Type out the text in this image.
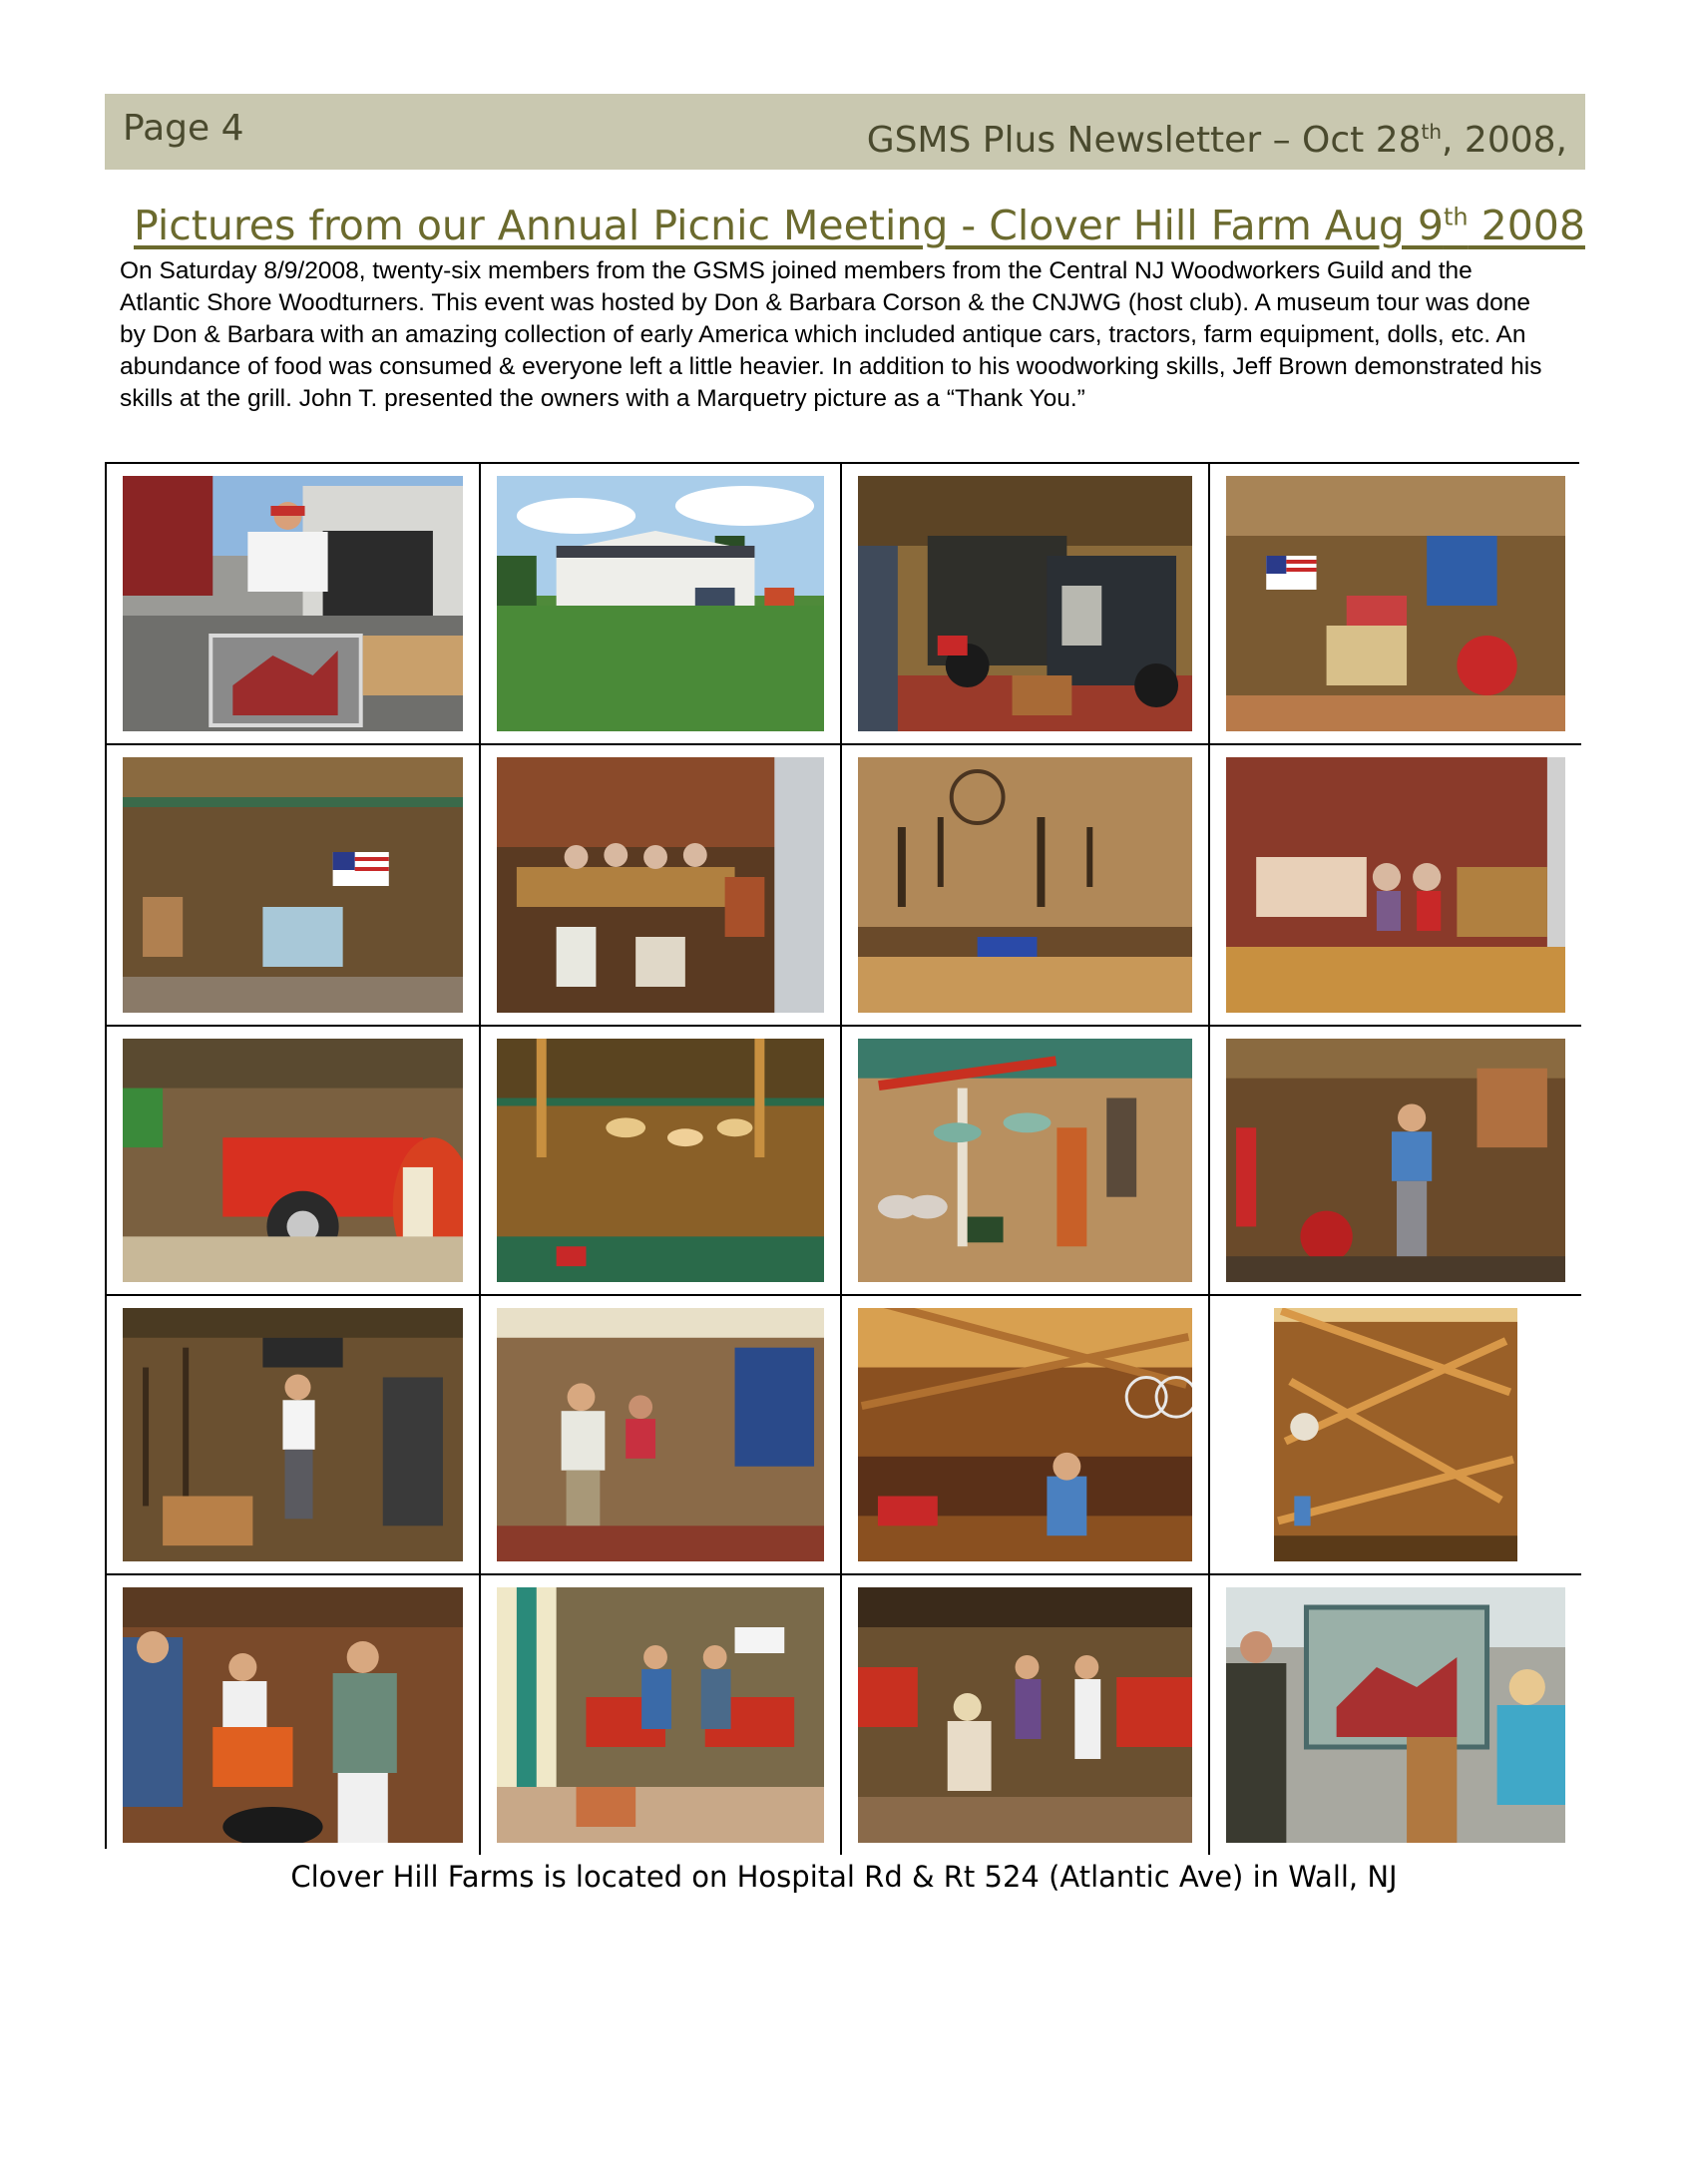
Page 4	GSMS Plus Newsletter – Oct 28th, 2008,
Pictures from our Annual Picnic Meeting - Clover Hill Farm Aug 9th 2008
On Saturday 8/9/2008, twenty-six members from the GSMS joined members from the Central NJ Woodworkers Guild and the Atlantic Shore Woodturners. This event was hosted by Don & Barbara Corson & the CNJWG (host club). A museum tour was done by Don & Barbara with an amazing collection of early America which included antique cars, tractors, farm equipment, dolls, etc. An abundance of food was consumed & everyone left a little heavier. In addition to his woodworking skills, Jeff Brown demonstrated his skills at the grill. John T. presented the owners with a Marquetry picture as a “Thank You.”
Clover Hill Farms is located on Hospital Rd & Rt 524 (Atlantic Ave) in Wall, NJ
